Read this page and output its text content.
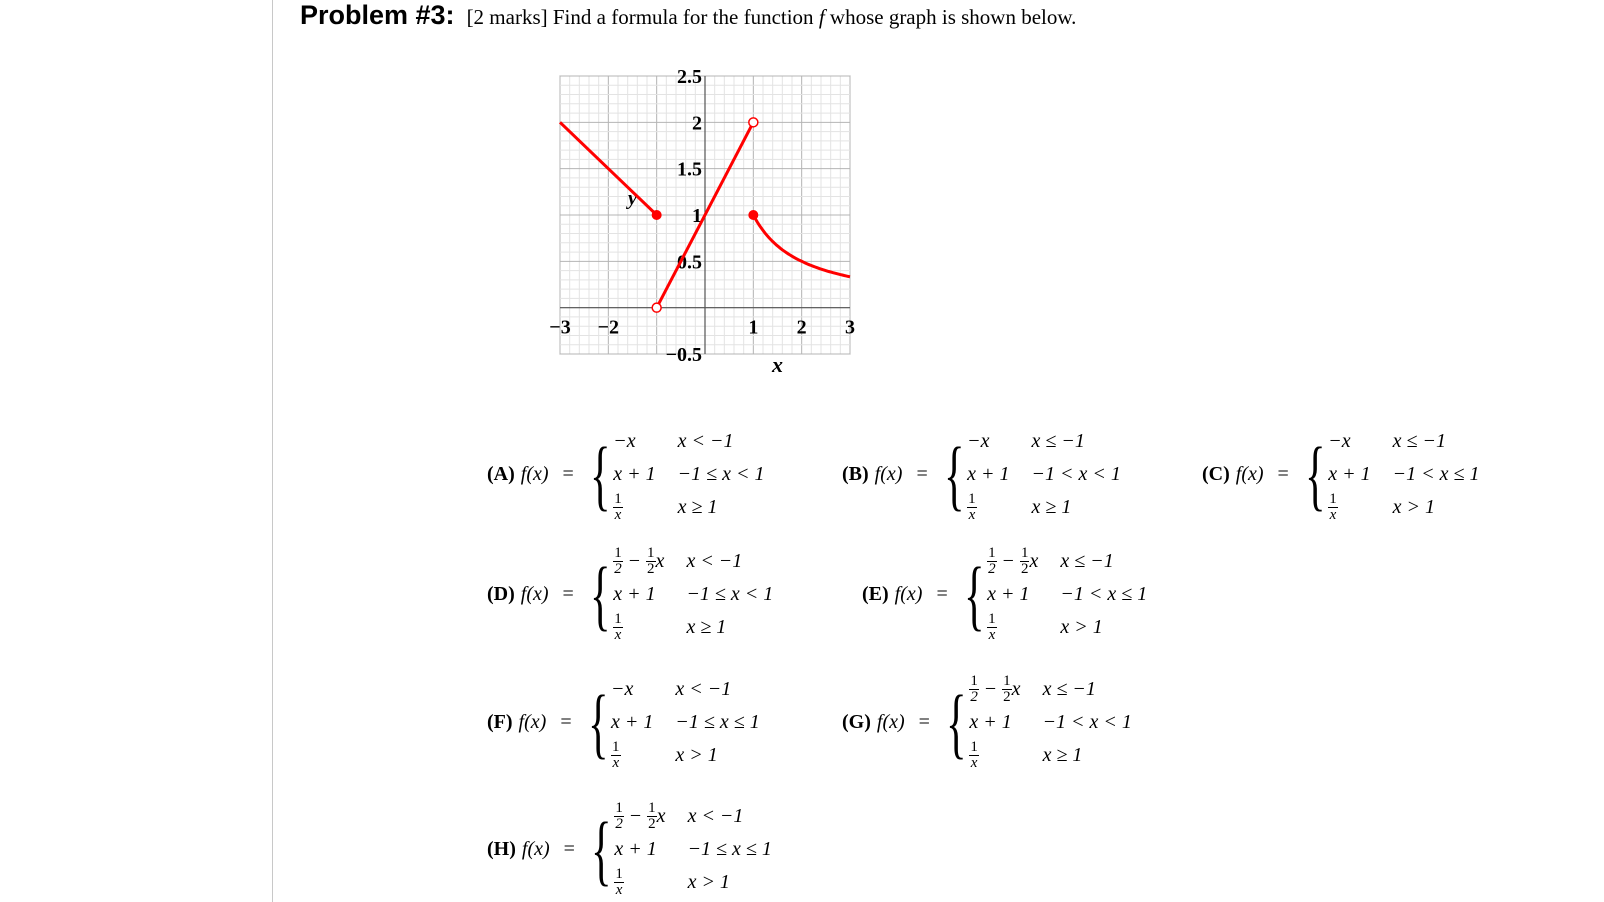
Problem #3: [2 marks] Find a formula for the function f whose graph is shown below.
−3 −2	1 2 3
2.5
2
1.5
1
0.5
−0.5	x
y
(A) f(x) = { −x	x < −1
x + 1 −1 ≤ x < 1
$\frac{1}{x}$	x ≥ 1
(B) f(x) = { −x	x ≤ −1
x + 1 −1 < x < 1
$\frac{1}{x}$	x ≥ 1
(C) f(x) = { −x	x ≤ −1
x + 1 −1 < x ≤ 1
$\frac{1}{x}$	x > 1
(D) f(x) = { $\frac{1}{2} - \frac{1}{2}$ x x < −1
x + 1	−1 ≤ x < 1
$\frac{1}{x}$	x ≥ 1
(E) f(x) = { $\frac{1}{2} - \frac{1}{2}$ x x ≤ −1
x + 1	−1 < x ≤ 1
$\frac{1}{x}$	x > 1
(F) f(x) = { −x	x < −1
x + 1 −1 ≤ x ≤ 1
$\frac{1}{x}$	x > 1
(G) f(x) = { $\frac{1}{2} - \frac{1}{2}$ x x ≤ −1
x + 1	−1 < x < 1
$\frac{1}{x}$	x ≥ 1
(H) f(x) = { $\frac{1}{2} - \frac{1}{2}$ x x < −1
x + 1	−1 ≤ x ≤ 1
$\frac{1}{x}$	x > 1
